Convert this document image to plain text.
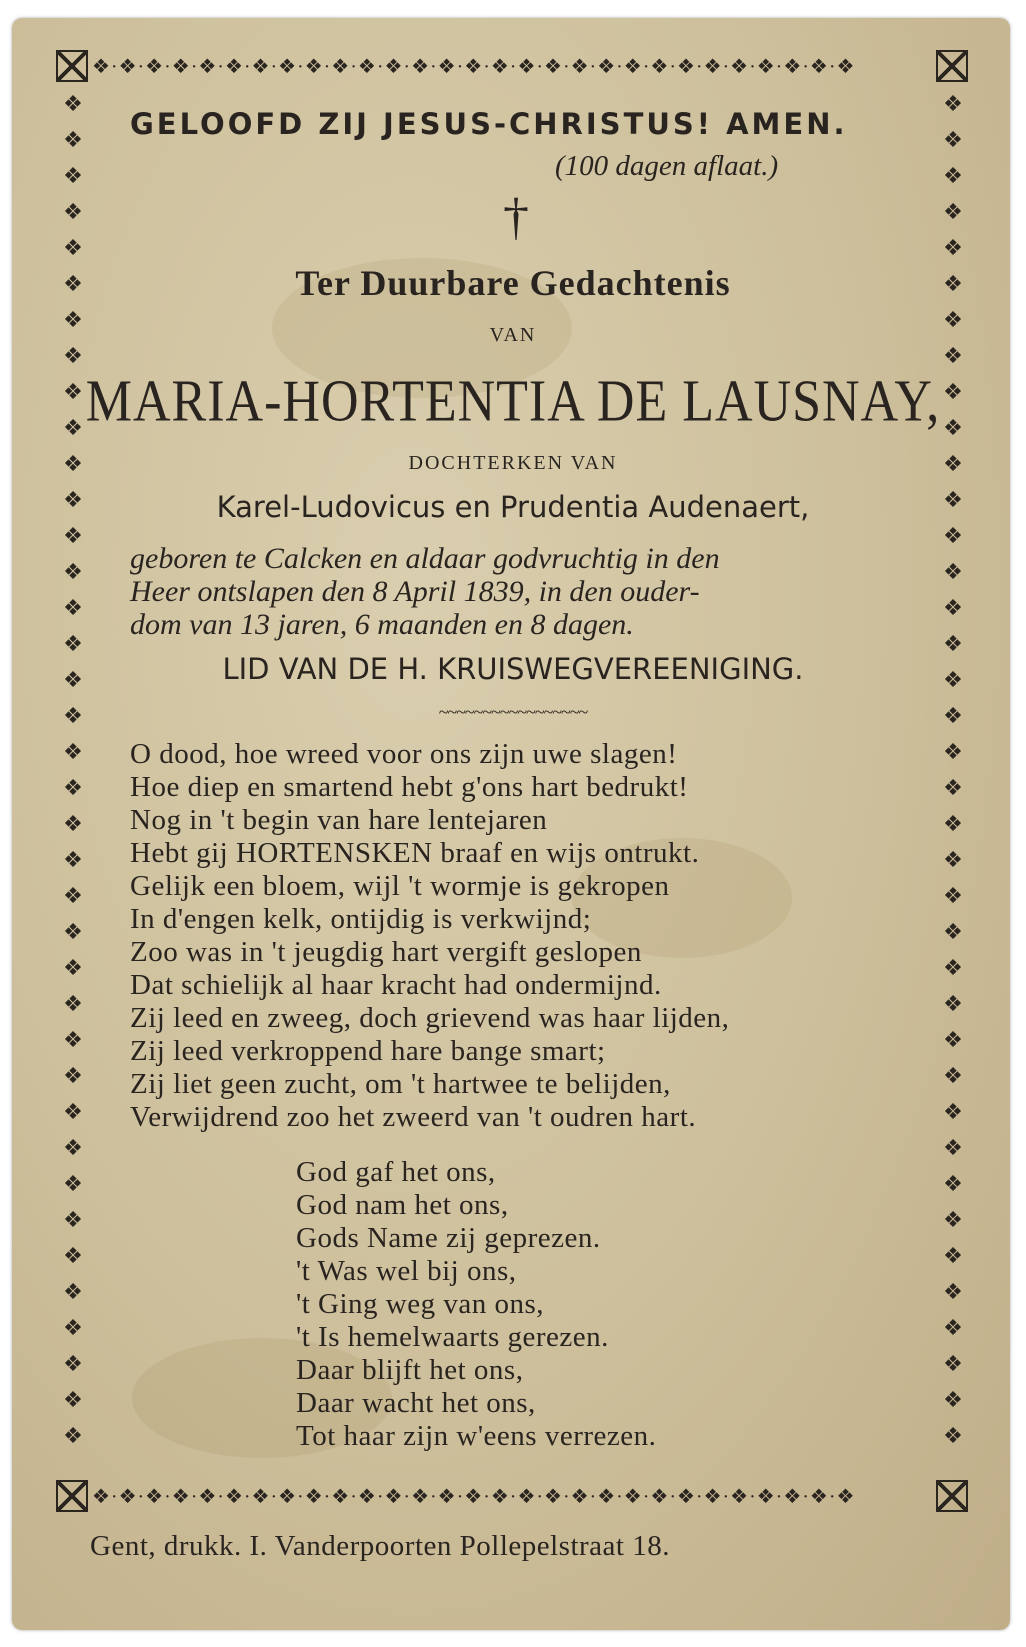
❖·❖·❖·❖·❖·❖·❖·❖·❖·❖·❖·❖·❖·❖·❖·❖·❖·❖·❖·❖·❖·❖·❖·❖·❖·❖·❖·❖·❖
❖·❖·❖·❖·❖·❖·❖·❖·❖·❖·❖·❖·❖·❖·❖·❖·❖·❖·❖·❖·❖·❖·❖·❖·❖·❖·❖·❖·❖
❖❖❖❖❖❖❖❖❖❖❖❖❖❖❖❖❖❖❖❖❖❖❖❖❖❖❖❖❖❖❖❖❖❖❖❖❖❖
❖❖❖❖❖❖❖❖❖❖❖❖❖❖❖❖❖❖❖❖❖❖❖❖❖❖❖❖❖❖❖❖❖❖❖❖❖❖
GELOOFD ZIJ JESUS-CHRISTUS! AMEN.
(100 dagen aflaat.)
†
Ter Duurbare Gedachtenis
VAN
MARIA-HORTENTIA DE LAUSNAY,
DOCHTERKEN VAN
Karel-Ludovicus en Prudentia Audenaert,
geboren te Calcken en aldaar godvruchtig in den
Heer ontslapen den 8 April 1839, in den ouder-
dom van 13 jaren, 6 maanden en 8 dagen.
LID VAN DE H. KRUISWEGVEREENIGING.
~~~~~~~~~~~~~~~~~
O dood, hoe wreed voor ons zijn uwe slagen!
Hoe diep en smartend hebt g'ons hart bedrukt!
Nog in 't begin van hare lentejaren
Hebt gij HORTENSKEN braaf en wijs ontrukt.
Gelijk een bloem, wijl 't wormje is gekropen
In d'engen kelk, ontijdig is verkwijnd;
Zoo was in 't jeugdig hart vergift geslopen
Dat schielijk al haar kracht had ondermijnd.
Zij leed en zweeg, doch grievend was haar lijden,
Zij leed verkroppend hare bange smart;
Zij liet geen zucht, om 't hartwee te belijden,
Verwijdrend zoo het zweerd van 't oudren hart.
God gaf het ons,
God nam het ons,
Gods Name zij geprezen.
't Was wel bij ons,
't Ging weg van ons,
't Is hemelwaarts gerezen.
Daar blijft het ons,
Daar wacht het ons,
Tot haar zijn w'eens verrezen.
Gent, drukk. I. Vanderpoorten Pollepelstraat 18.
